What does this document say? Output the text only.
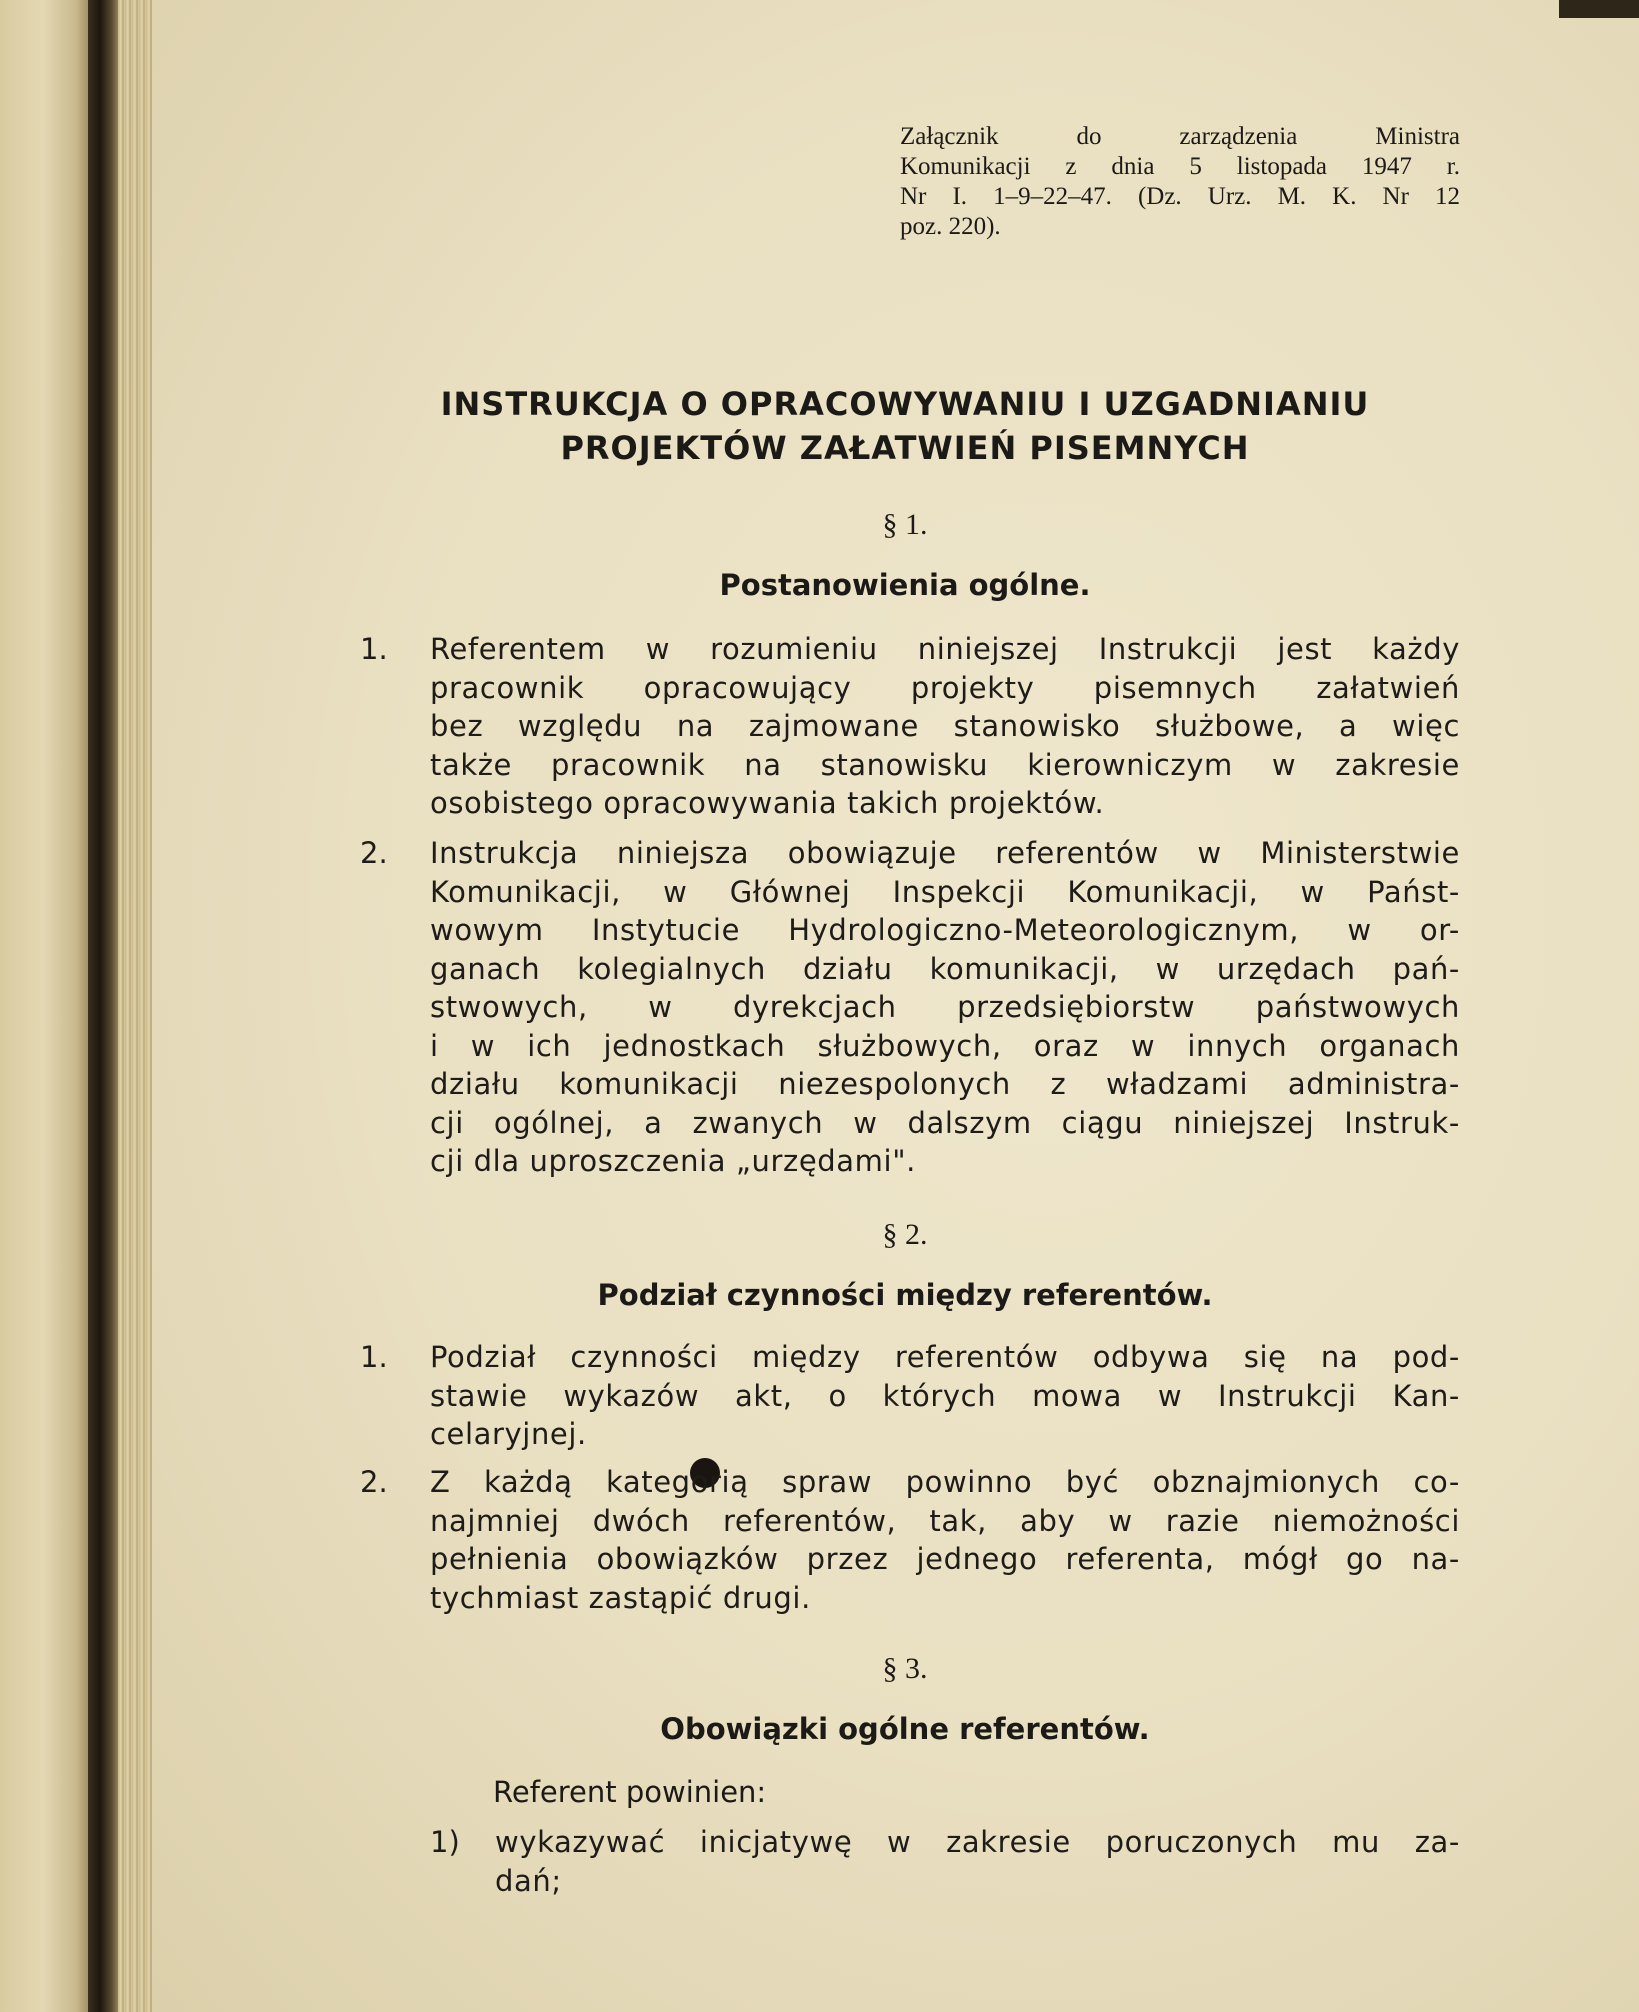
Załącznik do zarządzenia Ministra
Komunikacji z dnia 5 listopada 1947 r.
Nr I. 1–9–22–47. (Dz. Urz. M. K. Nr 12
poz. 220).
INSTRUKCJA O OPRACOWYWANIU I UZGADNIANIU
PROJEKTÓW ZAŁATWIEŃ PISEMNYCH
§ 1.
Postanowienia ogólne.
1. Referentem w rozumieniu niniejszej Instrukcji jest każdy
pracownik opracowujący projekty pisemnych załatwień
bez względu na zajmowane stanowisko służbowe, a więc
także pracownik na stanowisku kierowniczym w zakresie
osobistego opracowywania takich projektów.
2. Instrukcja niniejsza obowiązuje referentów w Ministerstwie
Komunikacji, w Głównej Inspekcji Komunikacji, w Państ-
wowym Instytucie Hydrologiczno-Meteorologicznym, w or-
ganach kolegialnych działu komunikacji, w urzędach pań-
stwowych, w dyrekcjach przedsiębiorstw państwowych
i w ich jednostkach służbowych, oraz w innych organach
działu komunikacji niezespolonych z władzami administra-
cji ogólnej, a zwanych w dalszym ciągu niniejszej Instruk-
cji dla uproszczenia „urzędami".
§ 2.
Podział czynności między referentów.
1. Podział czynności między referentów odbywa się na pod-
stawie wykazów akt, o których mowa w Instrukcji Kan-
celaryjnej.
2. Z każdą kategorią spraw powinno być obznajmionych co-
najmniej dwóch referentów, tak, aby w razie niemożności
pełnienia obowiązków przez jednego referenta, mógł go na-
tychmiast zastąpić drugi.
§ 3.
Obowiązki ogólne referentów.
Referent powinien:
1) wykazywać inicjatywę w zakresie poruczonych mu za-
dań;
